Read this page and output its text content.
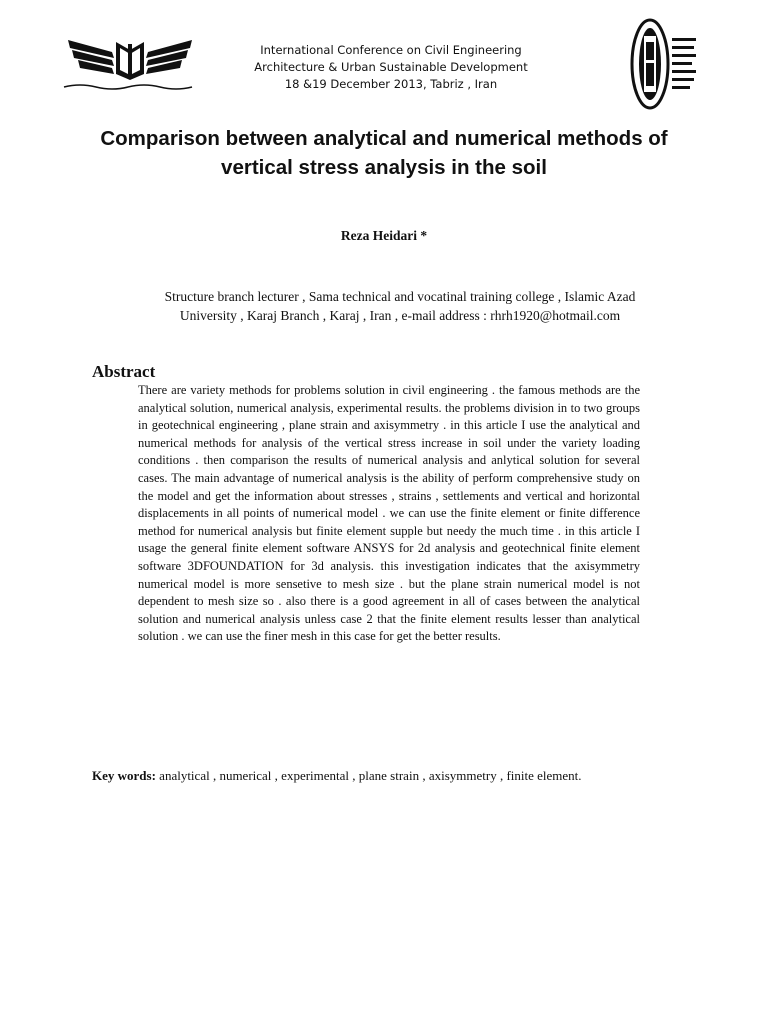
International Conference on Civil Engineering
Architecture & Urban Sustainable Development
18 &19 December 2013, Tabriz , Iran
Comparison between analytical and numerical methods of vertical stress analysis in the soil
Reza Heidari *
Structure branch lecturer , Sama technical and vocatinal training college , Islamic Azad University , Karaj Branch , Karaj , Iran , e-mail address : rhrh1920@hotmail.com
Abstract
There are variety methods for problems solution in civil engineering . the famous methods are the analytical solution, numerical analysis, experimental results. the problems division in to two groups in geotechnical engineering , plane strain and axisymmetry . in this article I use the analytical and numerical methods for analysis of the vertical stress increase in soil under the variety loading conditions . then comparison the results of numerical analysis and anlytical solution for several cases. The main advantage of numerical analysis is the ability of perform comprehensive study on the model and get the information about stresses , strains , settlements and vertical and horizontal displacements in all points of numerical model . we can use the finite element or finite difference method for numerical analysis but finite element supple but needy the much time . in this article I usage the general finite element software ANSYS for 2d analysis and geotechnical finite element software 3DFOUNDATION for 3d analysis. this investigation indicates that the axisymmetry numerical model is more sensetive to mesh size . but the plane strain numerical model is not dependent to mesh size so . also there is a good agreement in all of cases between the analytical solution and numerical analysis unless case 2 that the finite element results lesser than analytical solution . we can use the finer mesh in this case for get the better results.
Key words: analytical , numerical , experimental , plane strain , axisymmetry , finite element.
